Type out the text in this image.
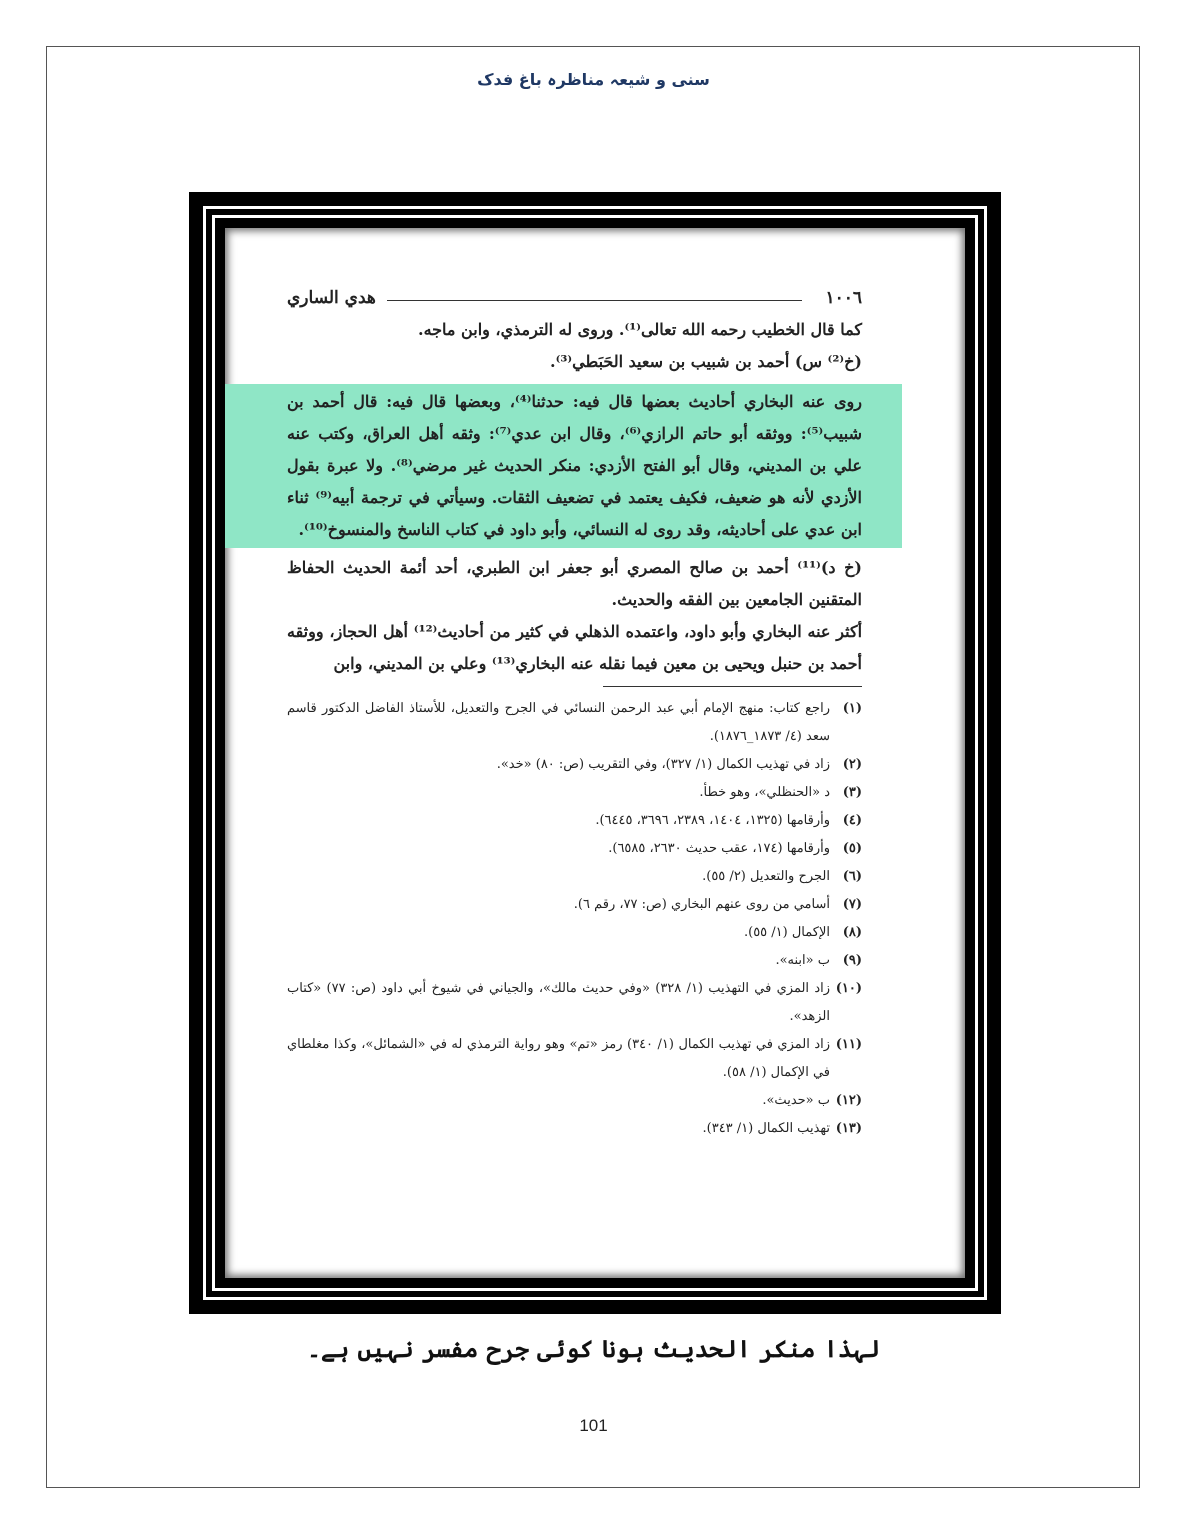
سنی و شیعہ مناظرہ باغ فدک
١٠٠٦
هدي الساري

كما قال الخطيب رحمه الله تعالى⁽¹⁾. وروى له الترمذي، وابن ماجه.

(خ⁽²⁾ س) أحمد بن شبيب بن سعيد الحَبَطي⁽³⁾.

روى عنه البخاري أحاديث بعضها قال فيه: حدثنا⁽⁴⁾، وبعضها قال فيه: قال أحمد بن شبيب⁽⁵⁾: ووثقه أبو حاتم الرازي⁽⁶⁾، وقال ابن عدي⁽⁷⁾: وثقه أهل العراق، وكتب عنه علي بن المديني، وقال أبو الفتح الأزدي: منكر الحديث غير مرضي⁽⁸⁾. ولا عبرة بقول الأزدي لأنه هو ضعيف، فكيف يعتمد في تضعيف الثقات. وسيأتي في ترجمة أبيه⁽⁹⁾ ثناء ابن عدي على أحاديثه، وقد روى له النسائي، وأبو داود في كتاب الناسخ والمنسوخ⁽¹⁰⁾.

(خ د)⁽¹¹⁾ أحمد بن صالح المصري أبو جعفر ابن الطبري، أحد أئمة الحديث الحفاظ المتقنين الجامعين بين الفقه والحديث.

أكثر عنه البخاري وأبو داود، واعتمده الذهلي في كثير من أحاديث⁽¹²⁾ أهل الحجاز، ووثقه أحمد بن حنبل ويحيى بن معين فيما نقله عنه البخاري⁽¹³⁾ وعلي بن المديني، وابن

(١)
راجع كتاب: منهج الإمام أبي عبد الرحمن النسائي في الجرح والتعديل، للأستاذ الفاضل الدكتور قاسم سعد (٤/ ١٨٧٣_١٨٧٦).

(٢)
زاد في تهذيب الكمال (١/ ٣٢٧)، وفي التقريب (ص: ٨٠) «خد».

(٣)
د «الحنظلي»، وهو خطأ.

(٤)
وأرقامها (١٣٢٥، ١٤٠٤، ٢٣٨٩، ٣٦٩٦، ٦٤٤٥).

(٥)
وأرقامها (١٧٤، عقب حديث ٢٦٣٠، ٦٥٨٥).

(٦)
الجرح والتعديل (٢/ ٥٥).

(٧)
أسامي من روى عنهم البخاري (ص: ٧٧، رقم ٦).

(٨)
الإكمال (١/ ٥٥).

(٩)
ب «ابنه».

(١٠)
زاد المزي في التهذيب (١/ ٣٢٨) «وفي حديث مالك»، والجياني في شيوخ أبي داود (ص: ٧٧) «كتاب الزهد».

(١١)
زاد المزي في تهذيب الكمال (١/ ٣٤٠) رمز «تم» وهو رواية الترمذي له في «الشمائل»، وكذا مغلطاي في الإكمال (١/ ٥٨).

(١٢)
ب «حديث».

(١٣)
تهذيب الكمال (١/ ٣٤٣).

لہذا منکر الحدیث ہونا کوئی جرح مفسر نہیں ہے۔
101
